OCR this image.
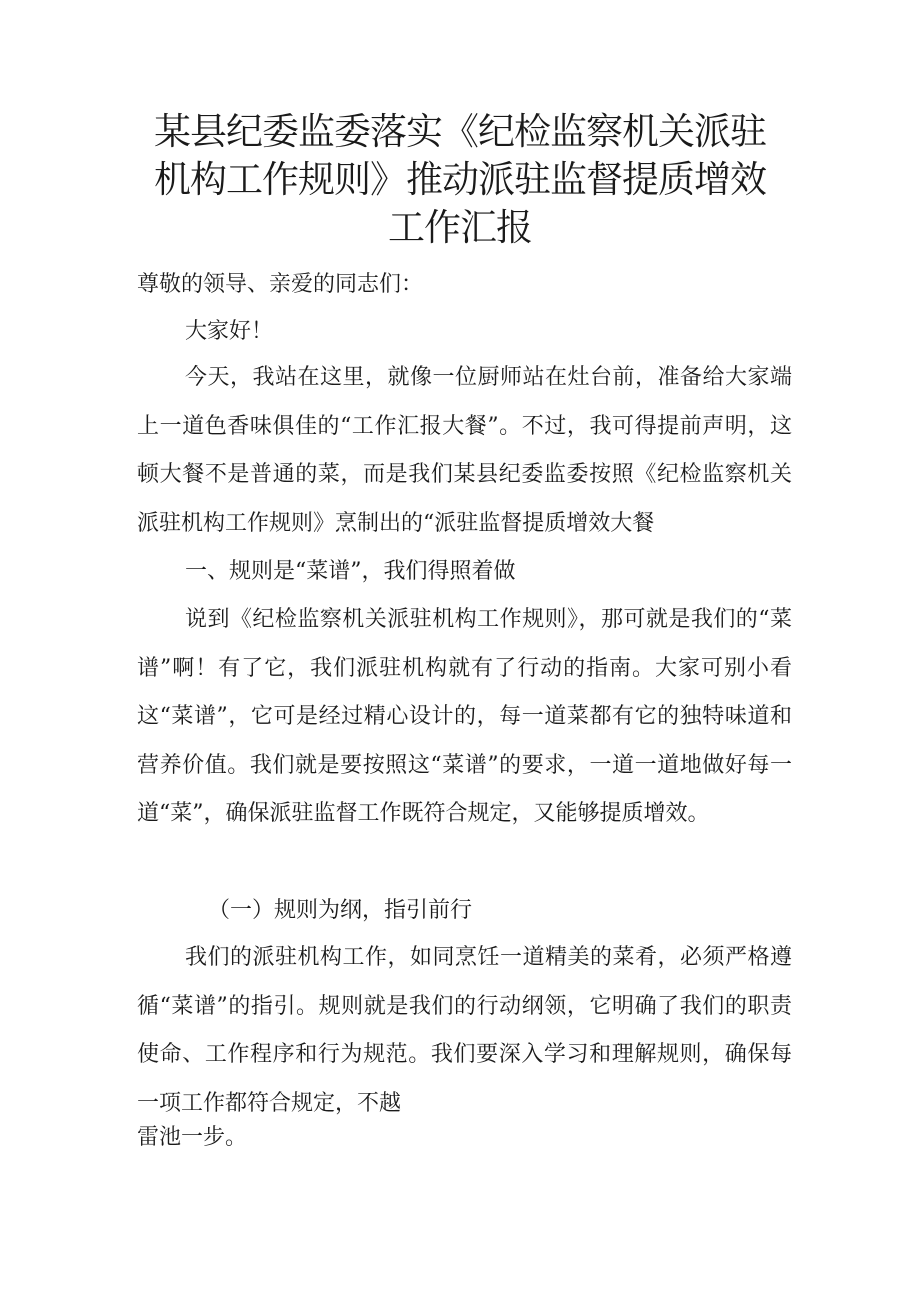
某县纪委监委落实《纪检监察机关派驻机构工作规则》推动派驻监督提质增效工作汇报

尊敬的领导、亲爱的同志们：

大家好！

今天，我站在这里，就像一位厨师站在灶台前，准备给大家端上一道色香味俱佳的“工作汇报大餐”。不过，我可得提前声明，这顿大餐不是普通的菜，而是我们某县纪委监委按照《纪检监察机关派驻机构工作规则》烹制出的“派驻监督提质增效大餐

一、规则是“菜谱”，我们得照着做

说到《纪检监察机关派驻机构工作规则》，那可就是我们的“菜谱”啊！有了它，我们派驻机构就有了行动的指南。大家可别小看这“菜谱”，它可是经过精心设计的，每一道菜都有它的独特味道和营养价值。我们就是要按照这“菜谱”的要求，一道一道地做好每一道“菜”，确保派驻监督工作既符合规定，又能够提质增效。

（一）规则为纲，指引前行

我们的派驻机构工作，如同烹饪一道精美的菜肴，必须严格遵循“菜谱”的指引。规则就是我们的行动纲领，它明确了我们的职责使命、工作程序和行为规范。我们要深入学习和理解规则，确保每一项工作都符合规定，不越

雷池一步。
